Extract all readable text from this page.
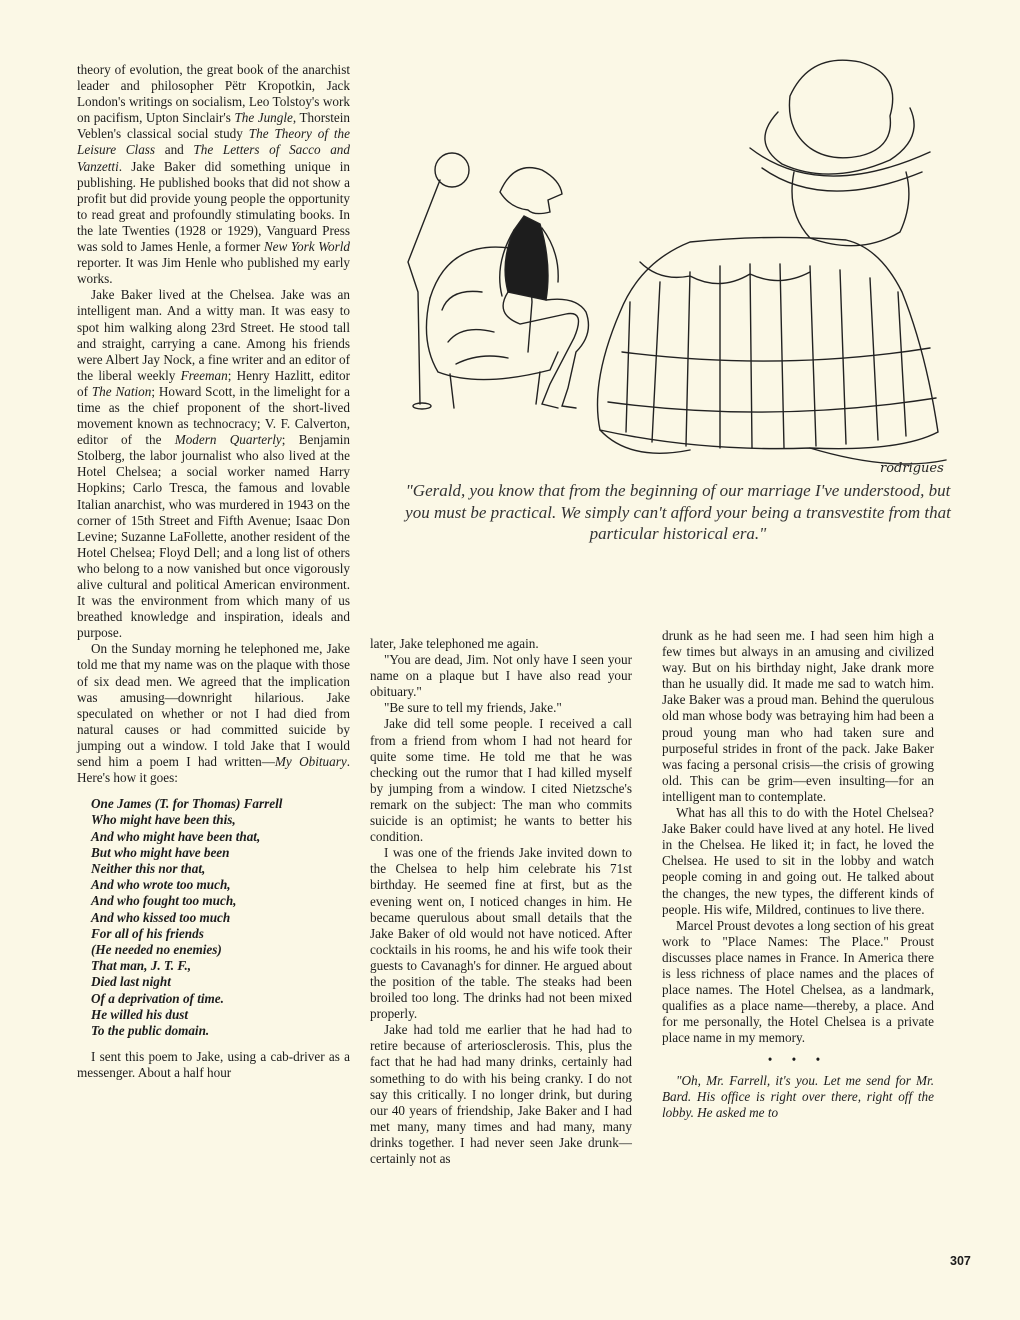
theory of evolution, the great book of the anarchist leader and philosopher Pëtr Kropotkin, Jack London's writings on socialism, Leo Tolstoy's work on pacifism, Upton Sinclair's The Jungle, Thorstein Veblen's classical social study The Theory of the Leisure Class and The Letters of Sacco and Vanzetti. Jake Baker did something unique in publishing. He published books that did not show a profit but did provide young people the opportunity to read great and profoundly stimulating books. In the late Twenties (1928 or 1929), Vanguard Press was sold to James Henle, a former New York World reporter. It was Jim Henle who published my early works.

Jake Baker lived at the Chelsea. Jake was an intelligent man. And a witty man. It was easy to spot him walking along 23rd Street. He stood tall and straight, carrying a cane. Among his friends were Albert Jay Nock, a fine writer and an editor of the liberal weekly Freeman; Henry Hazlitt, editor of The Nation; Howard Scott, in the limelight for a time as the chief proponent of the short-lived movement known as technocracy; V. F. Calverton, editor of the Modern Quarterly; Benjamin Stolberg, the labor journalist who also lived at the Hotel Chelsea; a social worker named Harry Hopkins; Carlo Tresca, the famous and lovable Italian anarchist, who was murdered in 1943 on the corner of 15th Street and Fifth Avenue; Isaac Don Levine; Suzanne LaFollette, another resident of the Hotel Chelsea; Floyd Dell; and a long list of others who belong to a now vanished but once vigorously alive cultural and political American environment. It was the environment from which many of us breathed knowledge and inspiration, ideals and purpose.

On the Sunday morning he telephoned me, Jake told me that my name was on the plaque with those of six dead men. We agreed that the implication was amusing—downright hilarious. Jake speculated on whether or not I had died from natural causes or had committed suicide by jumping out a window. I told Jake that I would send him a poem I had written—My Obituary. Here's how it goes:

One James (T. for Thomas) Farrell
Who might have been this,
And who might have been that,
But who might have been
Neither this nor that,
And who wrote too much,
And who fought too much,
And who kissed too much
For all of his friends
(He needed no enemies)
That man, J. T. F.,
Died last night
Of a deprivation of time.
He willed his dust
To the public domain.

I sent this poem to Jake, using a cab-driver as a messenger. About a half hour

rodrigues
"Gerald, you know that from the beginning of our marriage I've understood, but you must be practical. We simply can't afford your being a transvestite from that particular historical era."

later, Jake telephoned me again.

"You are dead, Jim. Not only have I seen your name on a plaque but I have also read your obituary."

"Be sure to tell my friends, Jake."

Jake did tell some people. I received a call from a friend from whom I had not heard for quite some time. He told me that he was checking out the rumor that I had killed myself by jumping from a window. I cited Nietzsche's remark on the subject: The man who commits suicide is an optimist; he wants to better his condition.

I was one of the friends Jake invited down to the Chelsea to help him celebrate his 71st birthday. He seemed fine at first, but as the evening went on, I noticed changes in him. He became querulous about small details that the Jake Baker of old would not have noticed. After cocktails in his rooms, he and his wife took their guests to Cavanagh's for dinner. He argued about the position of the table. The steaks had been broiled too long. The drinks had not been mixed properly.

Jake had told me earlier that he had had to retire because of arteriosclerosis. This, plus the fact that he had had many drinks, certainly had something to do with his being cranky. I do not say this critically. I no longer drink, but during our 40 years of friendship, Jake Baker and I had met many, many times and had many, many drinks together. I had never seen Jake drunk—certainly not as

drunk as he had seen me. I had seen him high a few times but always in an amusing and civilized way. But on his birthday night, Jake drank more than he usually did. It made me sad to watch him. Jake Baker was a proud man. Behind the querulous old man whose body was betraying him had been a proud young man who had taken sure and purposeful strides in front of the pack. Jake Baker was facing a personal crisis—the crisis of growing old. This can be grim—even insulting—for an intelligent man to contemplate.

What has all this to do with the Hotel Chelsea? Jake Baker could have lived at any hotel. He lived in the Chelsea. He liked it; in fact, he loved the Chelsea. He used to sit in the lobby and watch people coming in and going out. He talked about the changes, the new types, the different kinds of people. His wife, Mildred, continues to live there.

Marcel Proust devotes a long section of his great work to "Place Names: The Place." Proust discusses place names in France. In America there is less richness of place names and the places of place names. The Hotel Chelsea, as a landmark, qualifies as a place name—thereby, a place. And for me personally, the Hotel Chelsea is a private place name in my memory.

• • •

"Oh, Mr. Farrell, it's you. Let me send for Mr. Bard. His office is right over there, right off the lobby. He asked me to

307
